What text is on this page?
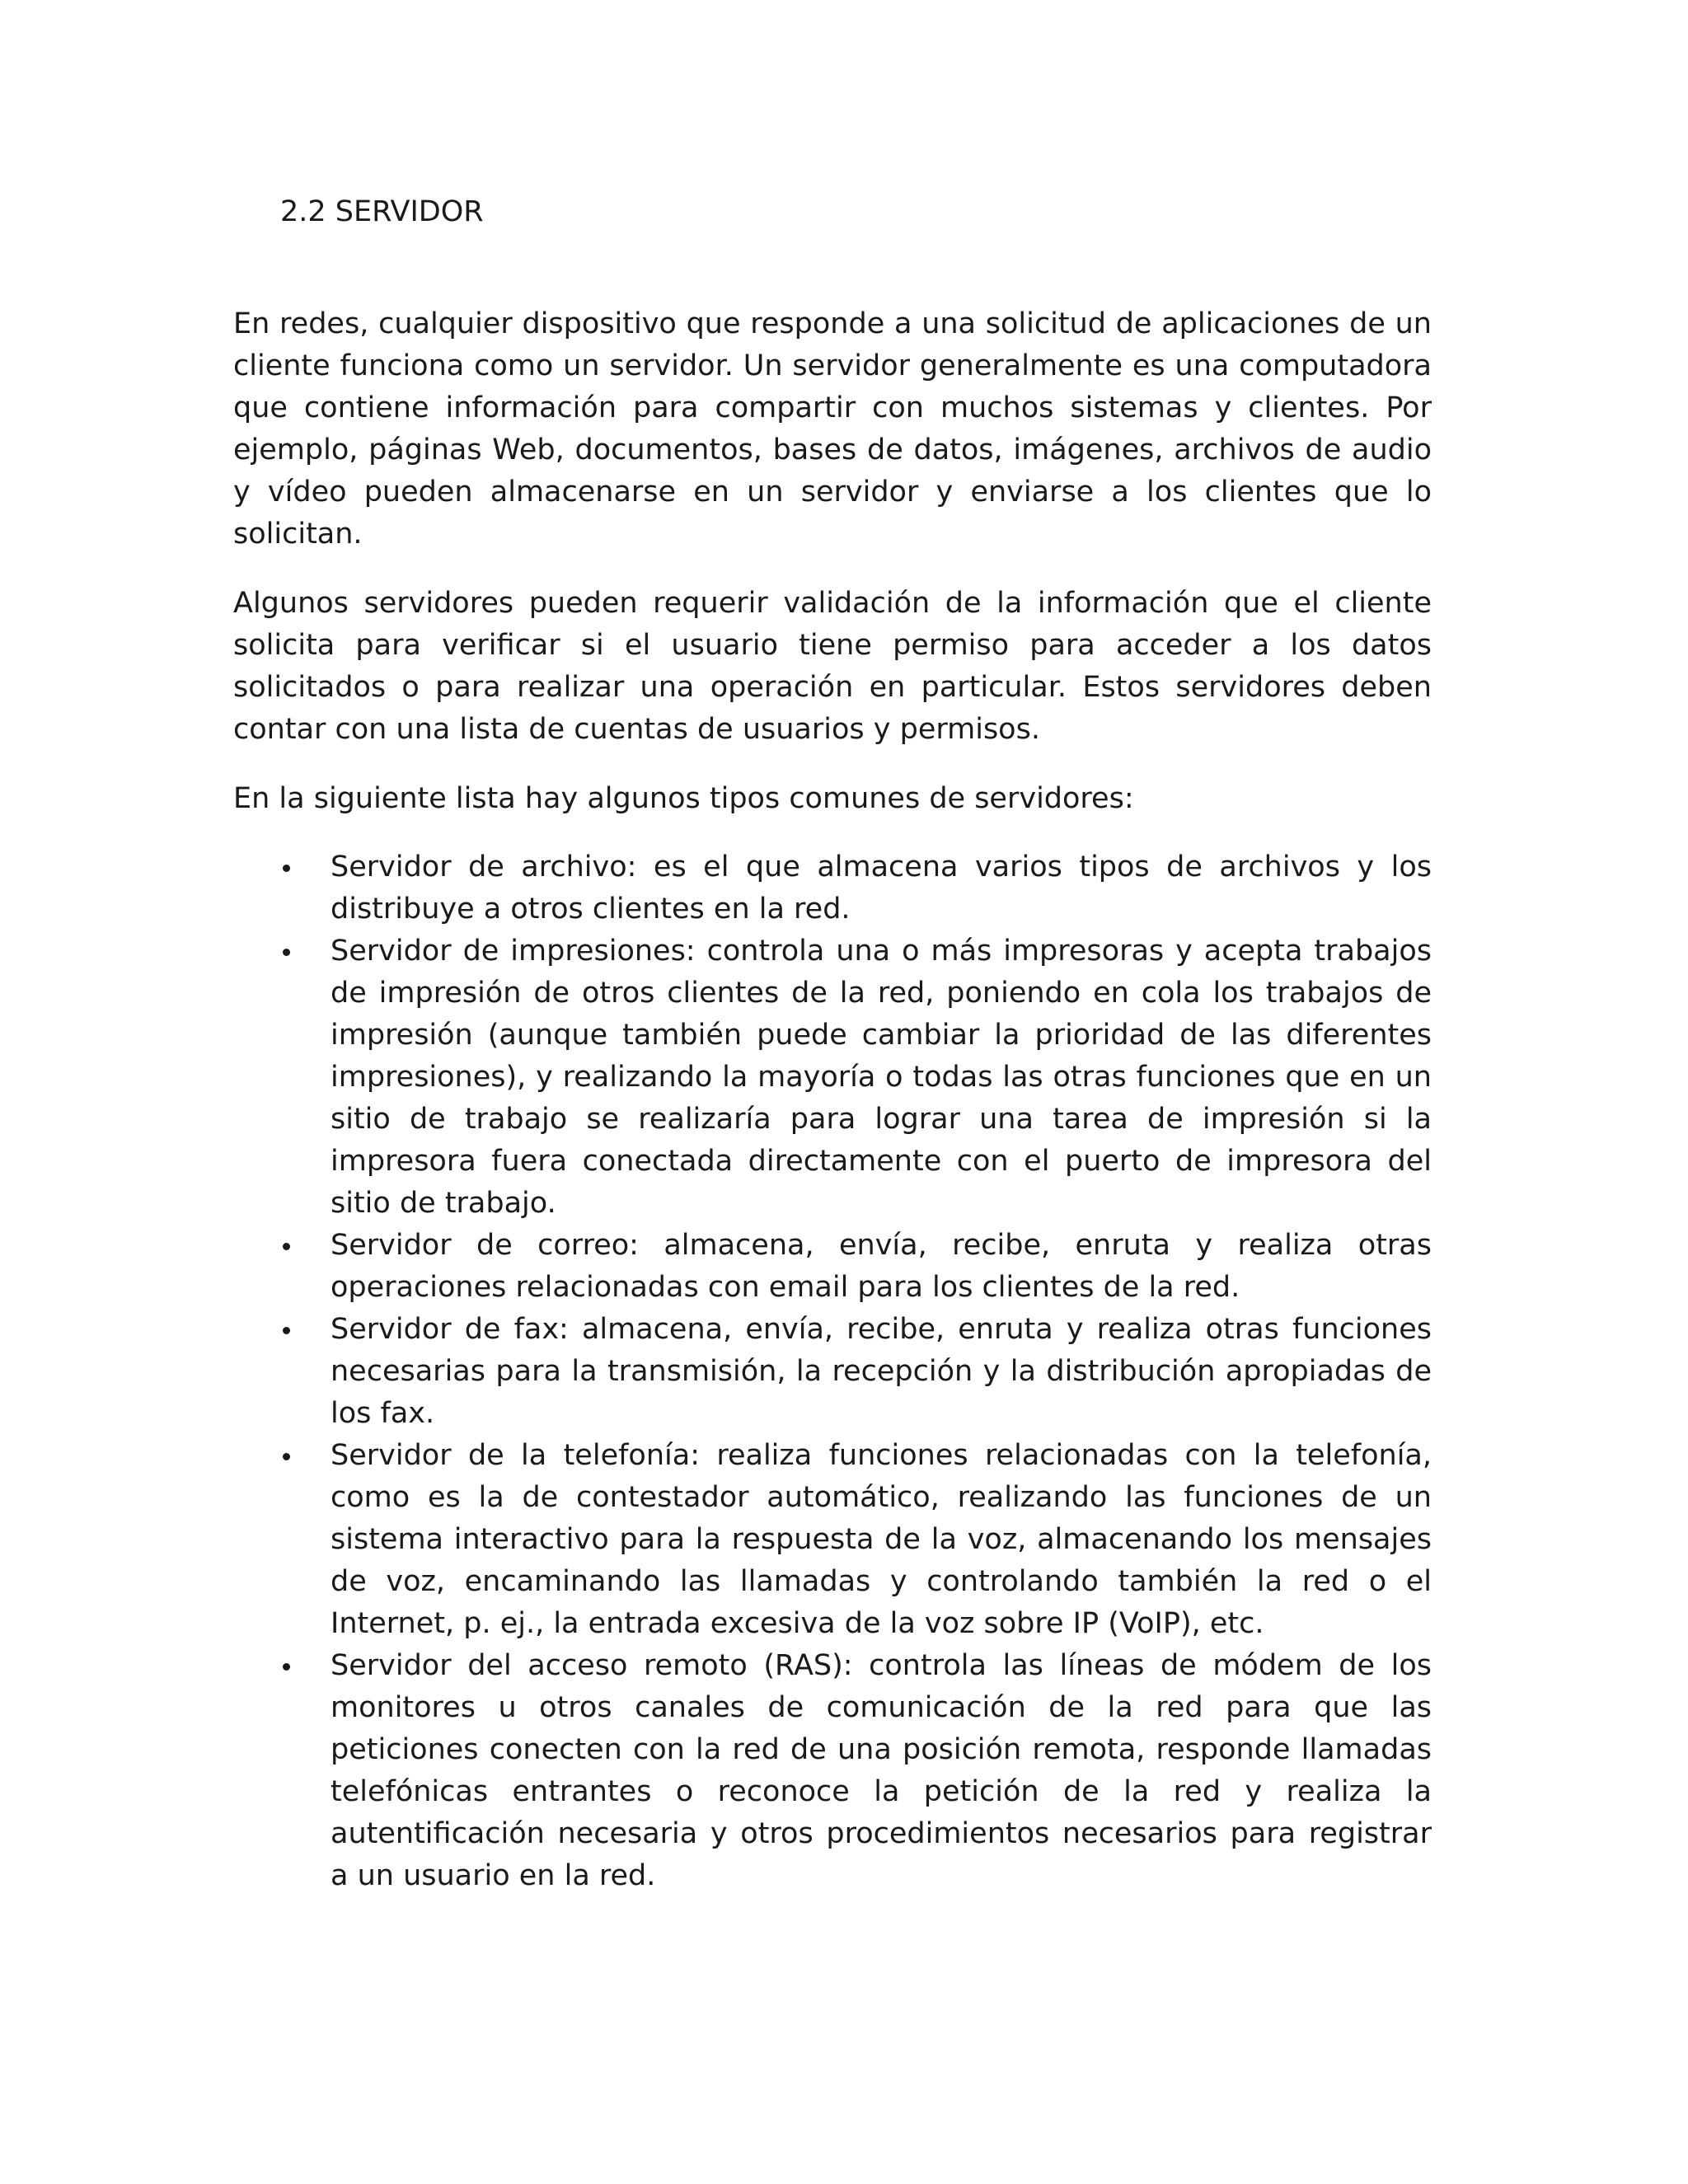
2.2 SERVIDOR

En redes, cualquier dispositivo que responde a una solicitud de aplicaciones de un cliente funciona como un servidor. Un servidor generalmente es una computadora que contiene información para compartir con muchos sistemas y clientes. Por ejemplo, páginas Web, documentos, bases de datos, imágenes, archivos de audio y vídeo pueden almacenarse en un servidor y enviarse a los clientes que lo solicitan.

Algunos servidores pueden requerir validación de la información que el cliente solicita para verificar si el usuario tiene permiso para acceder a los datos solicitados o para realizar una operación en particular. Estos servidores deben contar con una lista de cuentas de usuarios y permisos.

En la siguiente lista hay algunos tipos comunes de servidores:

Servidor de archivo: es el que almacena varios tipos de archivos y los distribuye a otros clientes en la red.
Servidor de impresiones: controla una o más impresoras y acepta trabajos de impresión de otros clientes de la red, poniendo en cola los trabajos de impresión (aunque también puede cambiar la prioridad de las diferentes impresiones), y realizando la mayoría o todas las otras funciones que en un sitio de trabajo se realizaría para lograr una tarea de impresión si la impresora fuera conectada directamente con el puerto de impresora del sitio de trabajo.
Servidor de correo: almacena, envía, recibe, enruta y realiza otras operaciones relacionadas con email para los clientes de la red.
Servidor de fax: almacena, envía, recibe, enruta y realiza otras funciones necesarias para la transmisión, la recepción y la distribución apropiadas de los fax.
Servidor de la telefonía: realiza funciones relacionadas con la telefonía, como es la de contestador automático, realizando las funciones de un sistema interactivo para la respuesta de la voz, almacenando los mensajes de voz, encaminando las llamadas y controlando también la red o el Internet, p. ej., la entrada excesiva de la voz sobre IP (VoIP), etc.
Servidor del acceso remoto (RAS): controla las líneas de módem de los monitores u otros canales de comunicación de la red para que las peticiones conecten con la red de una posición remota, responde llamadas telefónicas entrantes o reconoce la petición de la red y realiza la autentificación necesaria y otros procedimientos necesarios para registrar a un usuario en la red.
